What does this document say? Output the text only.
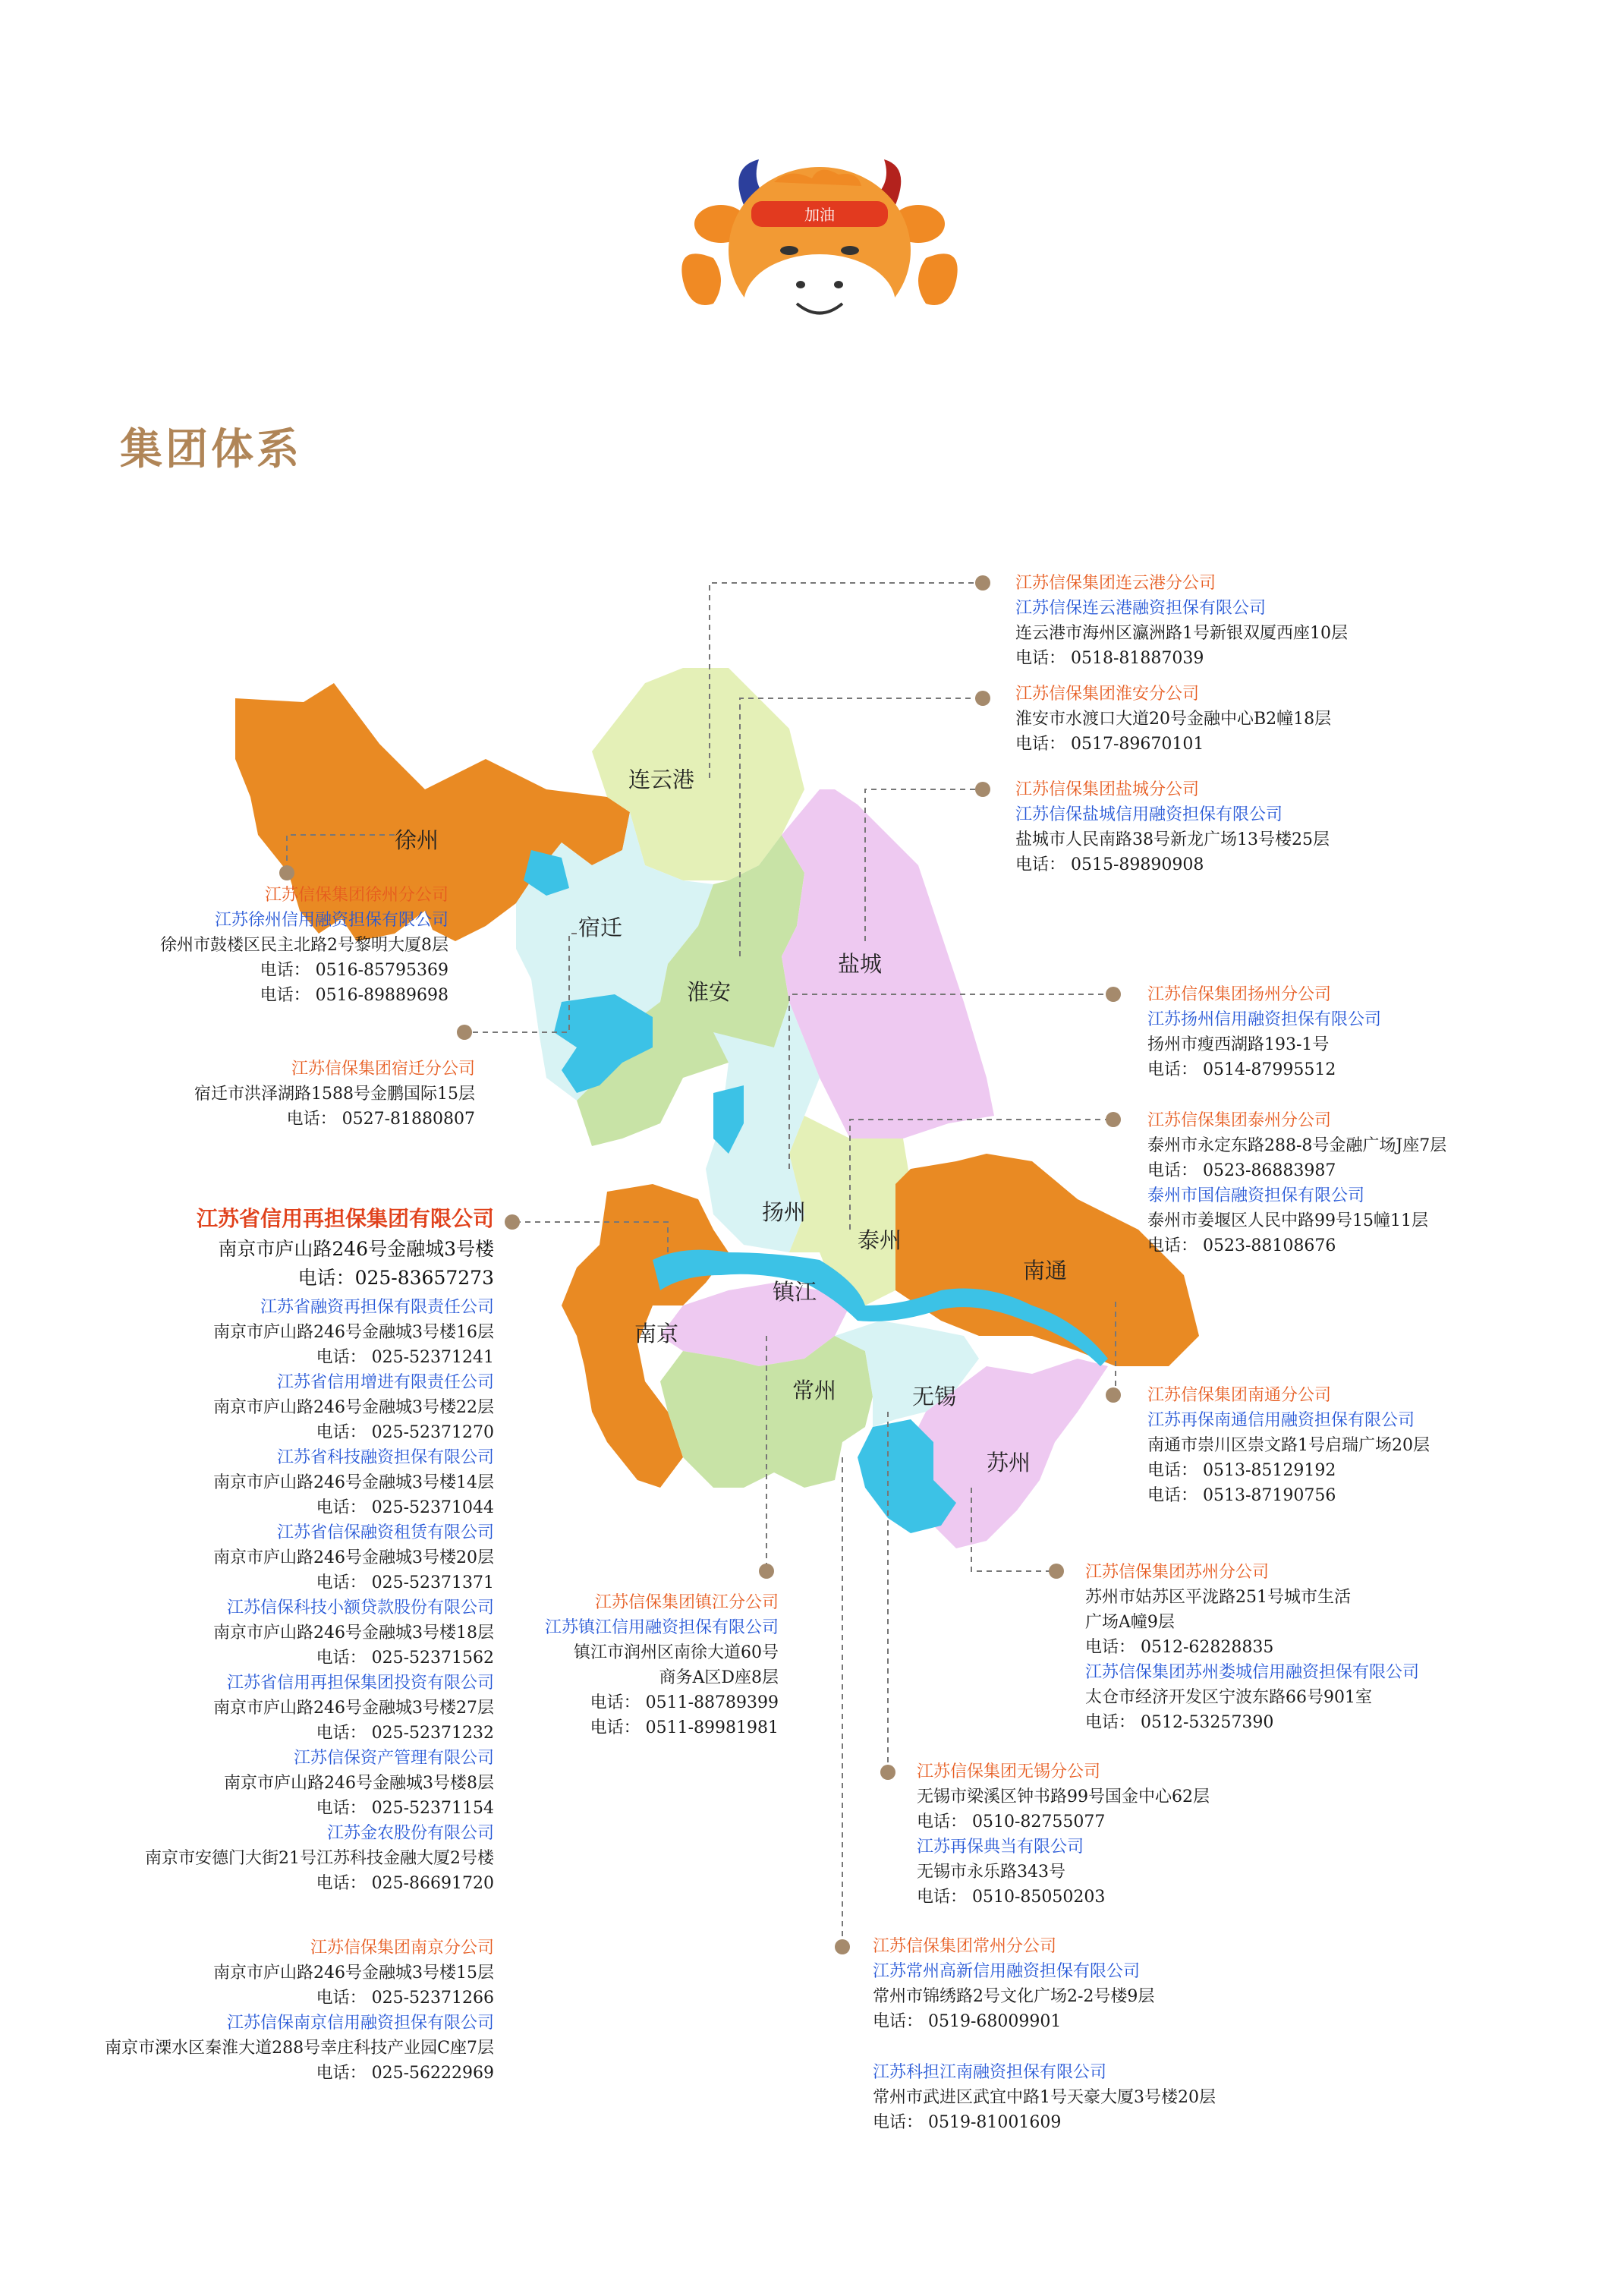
加油
集团体系
连云港
徐州
宿迁
淮安
盐城
扬州
泰州
南通
南京
镇江
常州	无锡
苏州
江苏信保集团连云港分公司
江苏信保连云港融资担保有限公司
连云港市海州区瀛洲路1号新银双厦西座10层
电话： 0518-81887039
江苏信保集团淮安分公司
淮安市水渡口大道20号金融中心B2幢18层
电话： 0517-89670101
江苏信保集团盐城分公司
江苏信保盐城信用融资担保有限公司
盐城市人民南路38号新龙广场13号楼25层
电话： 0515-89890908
江苏信保集团徐州分公司
江苏徐州信用融资担保有限公司
徐州市鼓楼区民主北路2号黎明大厦8层
电话： 0516-85795369
电话： 0516-89889698
江苏信保集团宿迁分公司
宿迁市洪泽湖路1588号金鹏国际15层
电话： 0527-81880807
江苏信保集团扬州分公司
江苏扬州信用融资担保有限公司
扬州市瘦西湖路193-1号
电话： 0514-87995512
江苏信保集团泰州分公司
泰州市永定东路288-8号金融广场J座7层
电话： 0523-86883987
泰州市国信融资担保有限公司
泰州市姜堰区人民中路99号15幢11层
电话： 0523-88108676
江苏信保集团南通分公司
江苏再保南通信用融资担保有限公司
南通市崇川区崇文路1号启瑞广场20层
电话： 0513-85129192
电话： 0513-87190756
江苏省信用再担保集团有限公司
南京市庐山路246号金融城3号楼
电话：025-83657273
江苏省融资再担保有限责任公司
南京市庐山路246号金融城3号楼16层
电话： 025-52371241
江苏省信用增进有限责任公司
南京市庐山路246号金融城3号楼22层
电话： 025-52371270
江苏省科技融资担保有限公司
南京市庐山路246号金融城3号楼14层
电话： 025-52371044
江苏省信保融资租赁有限公司
南京市庐山路246号金融城3号楼20层
电话： 025-52371371
江苏信保科技小额贷款股份有限公司
南京市庐山路246号金融城3号楼18层
电话： 025-52371562
江苏省信用再担保集团投资有限公司
南京市庐山路246号金融城3号楼27层
电话： 025-52371232
江苏信保资产管理有限公司
南京市庐山路246号金融城3号楼8层
电话： 025-52371154
江苏金农股份有限公司
南京市安德门大街21号江苏科技金融大厦2号楼
电话： 025-86691720
江苏信保集团南京分公司
南京市庐山路246号金融城3号楼15层
电话： 025-52371266
江苏信保南京信用融资担保有限公司
南京市溧水区秦淮大道288号幸庄科技产业园C座7层
电话： 025-56222969
江苏信保集团镇江分公司
江苏镇江信用融资担保有限公司
镇江市润州区南徐大道60号
商务A区D座8层
电话： 0511-88789399
电话： 0511-89981981
江苏信保集团苏州分公司
苏州市姑苏区平泷路251号城市生活
广场A幢9层
电话： 0512-62828835
江苏信保集团苏州娄城信用融资担保有限公司
太仓市经济开发区宁波东路66号901室
电话： 0512-53257390
江苏信保集团无锡分公司
无锡市梁溪区钟书路99号国金中心62层
电话： 0510-82755077
江苏再保典当有限公司
无锡市永乐路343号
电话： 0510-85050203
江苏信保集团常州分公司
江苏常州高新信用融资担保有限公司
常州市锦绣路2号文化广场2-2号楼9层
电话： 0519-68009901
江苏科担江南融资担保有限公司
常州市武进区武宜中路1号天豪大厦3号楼20层
电话： 0519-81001609
